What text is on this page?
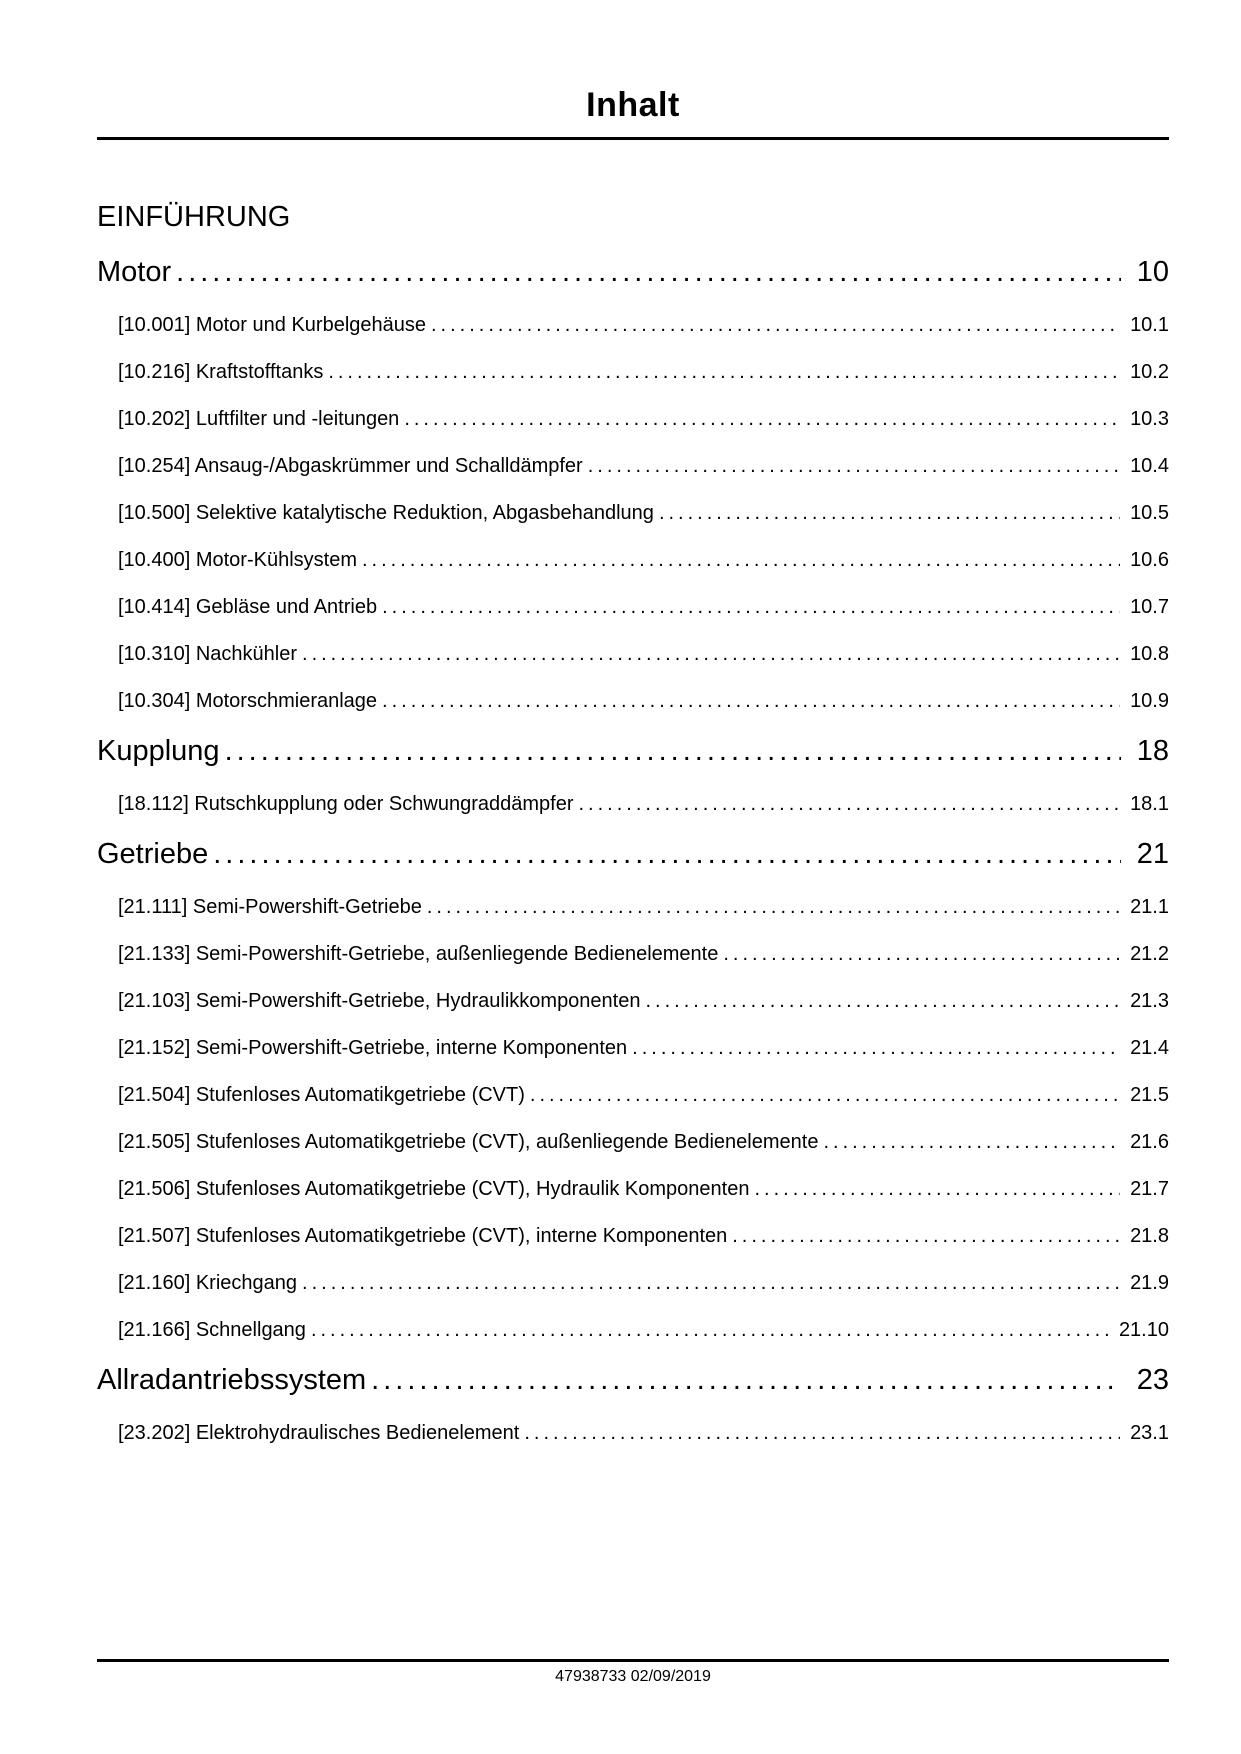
Inhalt
EINFÜHRUNG
Motor .....	10
[10.001] Motor und Kurbelgehäuse .....	10.1
[10.216] Kraftstofftanks .....	10.2
[10.202] Luftfilter und -leitungen .....	10.3
[10.254] Ansaug-/Abgaskrümmer und Schalldämpfer .....	10.4
[10.500] Selektive katalytische Reduktion, Abgasbehandlung .....	10.5
[10.400] Motor-Kühlsystem .....	10.6
[10.414] Gebläse und Antrieb .....	10.7
[10.310] Nachkühler .....	10.8
[10.304] Motorschmieranlage .....	10.9
Kupplung .....	18
[18.112] Rutschkupplung oder Schwungraddämpfer .....	18.1
Getriebe .....	21
[21.111] Semi-Powershift-Getriebe .....	21.1
[21.133] Semi-Powershift-Getriebe, außenliegende Bedienelemente .....	21.2
[21.103] Semi-Powershift-Getriebe, Hydraulikkomponenten .....	21.3
[21.152] Semi-Powershift-Getriebe, interne Komponenten .....	21.4
[21.504] Stufenloses Automatikgetriebe (CVT) .....	21.5
[21.505] Stufenloses Automatikgetriebe (CVT), außenliegende Bedienelemente .....	21.6
[21.506] Stufenloses Automatikgetriebe (CVT), Hydraulik Komponenten .....	21.7
[21.507] Stufenloses Automatikgetriebe (CVT), interne Komponenten .....	21.8
[21.160] Kriechgang .....	21.9
[21.166] Schnellgang .....	21.10
Allradantriebssystem .....	23
[23.202] Elektrohydraulisches Bedienelement .....	23.1
47938733 02/09/2019
